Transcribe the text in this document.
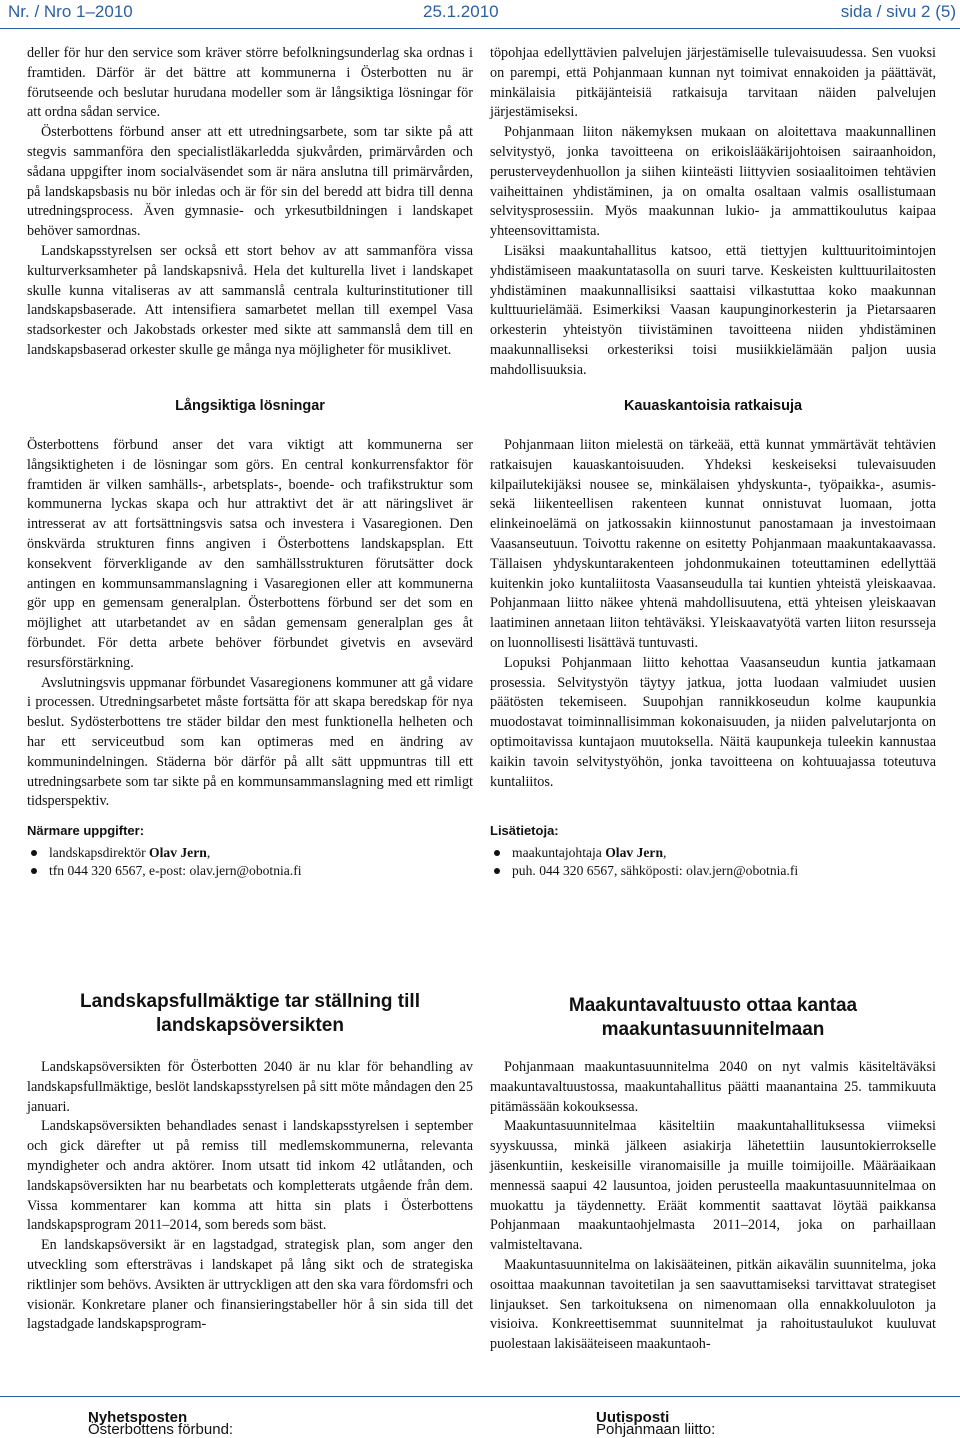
Nr. / Nro 1–2010	25.1.2010	sida / sivu 2 (5)

deller för hur den service som kräver större befolkningsunderlag ska ordnas i framtiden. Därför är det bättre att kommunerna i Österbotten nu är förutseende och beslutar hurudana modeller som är långsiktiga lösningar för att ordna sådan service.

Österbottens förbund anser att ett utredningsarbete, som tar sikte på att stegvis sammanföra den specialistläkarledda sjukvården, primärvården och sådana uppgifter inom socialväsendet som är nära anslutna till primärvården, på landskapsbasis nu bör inledas och är för sin del beredd att bidra till denna utredningsprocess. Även gymnasie- och yrkesutbildningen i landskapet behöver samordnas.

Landskapsstyrelsen ser också ett stort behov av att sammanföra vissa kulturverksamheter på landskapsnivå. Hela det kulturella livet i landskapet skulle kunna vitaliseras av att sammanslå centrala kulturinstitutioner till landskapsbaserade. Att intensifiera samarbetet mellan till exempel Vasa stadsorkester och Jakobstads orkester med sikte att sammanslå dem till en landskapsbaserad orkester skulle ge många nya möjligheter för musiklivet.

töpohjaa edellyttävien palvelujen järjestämiselle tulevaisuudessa. Sen vuoksi on parempi, että Pohjanmaan kunnan nyt toimivat ennakoiden ja päättävät, minkälaisia pitkäjänteisiä ratkaisuja tarvitaan näiden palvelujen järjestämiseksi.

Pohjanmaan liiton näkemyksen mukaan on aloitettava maakunnallinen selvitystyö, jonka tavoitteena on erikoislääkärijohtoisen sairaanhoidon, perusterveydenhuollon ja siihen kiinteästi liittyvien sosiaalitoimen tehtävien vaiheittainen yhdistäminen, ja on omalta osaltaan valmis osallistumaan selvitysprosessiin. Myös maakunnan lukio- ja ammattikoulutus kaipaa yhteensovittamista.

Lisäksi maakuntahallitus katsoo, että tiettyjen kulttuuritoimintojen yhdistämiseen maakuntatasolla on suuri tarve. Keskeisten kulttuurilaitosten yhdistäminen maakunnallisiksi saattaisi vilkastuttaa koko maakunnan kulttuurielämää. Esimerkiksi Vaasan kaupunginorkesterin ja Pietarsaaren orkesterin yhteistyön tiivistäminen tavoitteena niiden yhdistäminen maakunnalliseksi orkesteriksi toisi musiikkielämään paljon uusia mahdollisuuksia.

Långsiktiga lösningar	Kauaskantoisia ratkaisuja

Österbottens förbund anser det vara viktigt att kommunerna ser långsiktigheten i de lösningar som görs. En central konkurrensfaktor för framtiden är vilken samhälls-, arbetsplats-, boende- och trafikstruktur som kommunerna lyckas skapa och hur attraktivt det är att näringslivet är intresserat av att fortsättningsvis satsa och investera i Vasaregionen. Den önskvärda strukturen finns angiven i Österbottens landskapsplan. Ett konsekvent förverkligande av den samhällsstrukturen förutsätter dock antingen en kommunsammanslagning i Vasaregionen eller att kommunerna gör upp en gemensam generalplan. Österbottens förbund ser det som en möjlighet att utarbetandet av en sådan gemensam generalplan ges åt förbundet. För detta arbete behöver förbundet givetvis en avsevärd resursförstärkning.

Avslutningsvis uppmanar förbundet Vasaregionens kommuner att gå vidare i processen. Utredningsarbetet måste fortsätta för att skapa beredskap för nya beslut. Sydösterbottens tre städer bildar den mest funktionella helheten och har ett serviceutbud som kan optimeras med en ändring av kommunindelningen. Städerna bör därför på allt sätt uppmuntras till ett utredningsarbete som tar sikte på en kommunsammanslagning med ett rimligt tidsperspektiv.

Pohjanmaan liiton mielestä on tärkeää, että kunnat ymmärtävät tehtävien ratkaisujen kauaskantoisuuden. Yhdeksi keskeiseksi tulevaisuuden kilpailutekijäksi nousee se, minkälaisen yhdyskunta-, työpaikka-, asumis- sekä liikenteellisen rakenteen kunnat onnistuvat luomaan, jotta elinkeinoelämä on jatkossakin kiinnostunut panostamaan ja investoimaan Vaasanseutuun. Toivottu rakenne on esitetty Pohjanmaan maakuntakaavassa. Tällaisen yhdyskuntarakenteen johdonmukainen toteuttaminen edellyttää kuitenkin joko kuntaliitosta Vaasanseudulla tai kuntien yhteistä yleiskaavaa. Pohjanmaan liitto näkee yhtenä mahdollisuutena, että yhteisen yleiskaavan laatiminen annetaan liiton tehtäväksi. Yleiskaavatyötä varten liiton resursseja on luonnollisesti lisättävä tuntuvasti.

Lopuksi Pohjanmaan liitto kehottaa Vaasanseudun kuntia jatkamaan prosessia. Selvitystyön täytyy jatkua, jotta luodaan valmiudet uusien päätösten tekemiseen. Suupohjan rannikkoseudun kolme kaupunkia muodostavat toiminnallisimman kokonaisuuden, ja niiden palvelutarjonta on optimoitavissa kuntajaon muutoksella. Näitä kaupunkeja tuleekin kannustaa kaikin tavoin selvitystyöhön, jonka tavoitteena on kohtuuajassa toteutuva kuntaliitos.

Närmare uppgifter:
landskapsdirektör Olav Jern,
tfn 044 320 6567, e-post: olav.jern@obotnia.fi
Lisätietoja:
maakuntajohtaja Olav Jern,
puh. 044 320 6567, sähköposti: olav.jern@obotnia.fi
Landskapsfullmäktige tar ställning till landskapsöversikten
Maakuntavaltuusto ottaa kantaa maakuntasuunnitelmaan

Landskapsöversikten för Österbotten 2040 är nu klar för behandling av landskapsfullmäktige, beslöt landskapsstyrelsen på sitt möte måndagen den 25 januari.

Landskapsöversikten behandlades senast i landskapsstyrelsen i september och gick därefter ut på remiss till medlemskommunerna, relevanta myndigheter och andra aktörer. Inom utsatt tid inkom 42 utlåtanden, och landskapsöversikten har nu bearbetats och kompletterats utgående från dem. Vissa kommentarer kan komma att hitta sin plats i Österbottens landskapsprogram 2011–2014, som bereds som bäst.

En landskapsöversikt är en lagstadgad, strategisk plan, som anger den utveckling som eftersträvas i landskapet på lång sikt och de strategiska riktlinjer som behövs. Avsikten är uttryckligen att den ska vara fördomsfri och visionär. Konkretare planer och finansieringstabeller hör å sin sida till det lagstadgade landskapsprogram-

Pohjanmaan maakuntasuunnitelma 2040 on nyt valmis käsiteltäväksi maakuntavaltuustossa, maakuntahallitus päätti maanantaina 25. tammikuuta pitämässään kokouksessa.

Maakuntasuunnitelmaa käsiteltiin maakuntahallituksessa viimeksi syyskuussa, minkä jälkeen asiakirja lähetettiin lausuntokierrokselle jäsenkuntiin, keskeisille viranomaisille ja muille toimijoille. Määräaikaan mennessä saapui 42 lausuntoa, joiden perusteella maakuntasuunnitelmaa on muokattu ja täydennetty. Eräät kommentit saattavat löytää paikkansa Pohjanmaan maakuntaohjelmasta 2011–2014, joka on parhaillaan valmisteltavana.

Maakuntasuunnitelma on lakisääteinen, pitkän aikavälin suunnitelma, joka osoittaa maakunnan tavoitetilan ja sen saavuttamiseksi tarvittavat strategiset linjaukset. Sen tarkoituksena on nimenomaan olla ennakkoluuloton ja visioiva. Konkreettisemmat suunnitelmat ja rahoitustaulukot kuuluvat puolestaan lakisääteiseen maakuntaoh-

Österbottens förbund:
Nyhetsposten
Pohjanmaan liitto:
Uutisposti
